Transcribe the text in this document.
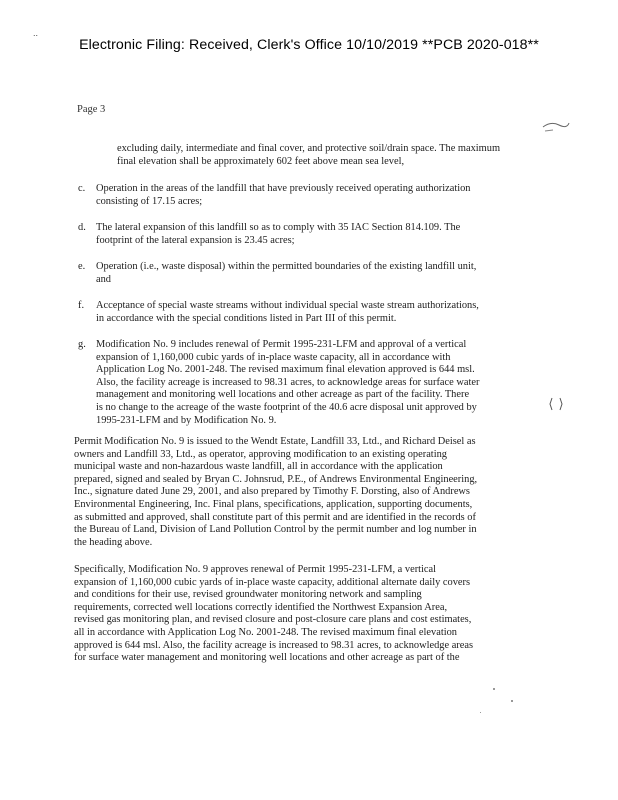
..
Electronic Filing: Received, Clerk's Office 10/10/2019 **PCB 2020-018**
Page 3
excluding daily, intermediate and final cover, and protective soil/drain space. The maximum
final elevation shall be approximately 602 feet above mean sea level,
c. Operation in the areas of the landfill that have previously received operating authorization
consisting of 17.15 acres;
d. The lateral expansion of this landfill so as to comply with 35 IAC Section 814.109. The
footprint of the lateral expansion is 23.45 acres;
e. Operation (i.e., waste disposal) within the permitted boundaries of the existing landfill unit,
and
f. Acceptance of special waste streams without individual special waste stream authorizations,
in accordance with the special conditions listed in Part III of this permit.
g. Modification No. 9 includes renewal of Permit 1995-231-LFM and approval of a vertical
expansion of 1,160,000 cubic yards of in-place waste capacity, all in accordance with
Application Log No. 2001-248. The revised maximum final elevation approved is 644 msl.
Also, the facility acreage is increased to 98.31 acres, to acknowledge areas for surface water
management and monitoring well locations and other acreage as part of the facility. There
is no change to the acreage of the waste footprint of the 40.6 acre disposal unit approved by
1995-231-LFM and by Modification No. 9.
Permit Modification No. 9 is issued to the Wendt Estate, Landfill 33, Ltd., and Richard Deisel as
owners and Landfill 33, Ltd., as operator, approving modification to an existing operating
municipal waste and non-hazardous waste landfill, all in accordance with the application
prepared, signed and sealed by Bryan C. Johnsrud, P.E., of Andrews Environmental Engineering,
Inc., signature dated June 29, 2001, and also prepared by Timothy F. Dorsting, also of Andrews
Environmental Engineering, Inc. Final plans, specifications, application, supporting documents,
as submitted and approved, shall constitute part of this permit and are identified in the records of
the Bureau of Land, Division of Land Pollution Control by the permit number and log number in
the heading above.
Specifically, Modification No. 9 approves renewal of Permit 1995-231-LFM, a vertical
expansion of 1,160,000 cubic yards of in-place waste capacity, additional alternate daily covers
and conditions for their use, revised groundwater monitoring network and sampling
requirements, corrected well locations correctly identified the Northwest Expansion Area,
revised gas monitoring plan, and revised closure and post-closure care plans and cost estimates,
all in accordance with Application Log No. 2001-248. The revised maximum final elevation
approved is 644 msl. Also, the facility acreage is increased to 98.31 acres, to acknowledge areas
for surface water management and monitoring well locations and other acreage as part of the
